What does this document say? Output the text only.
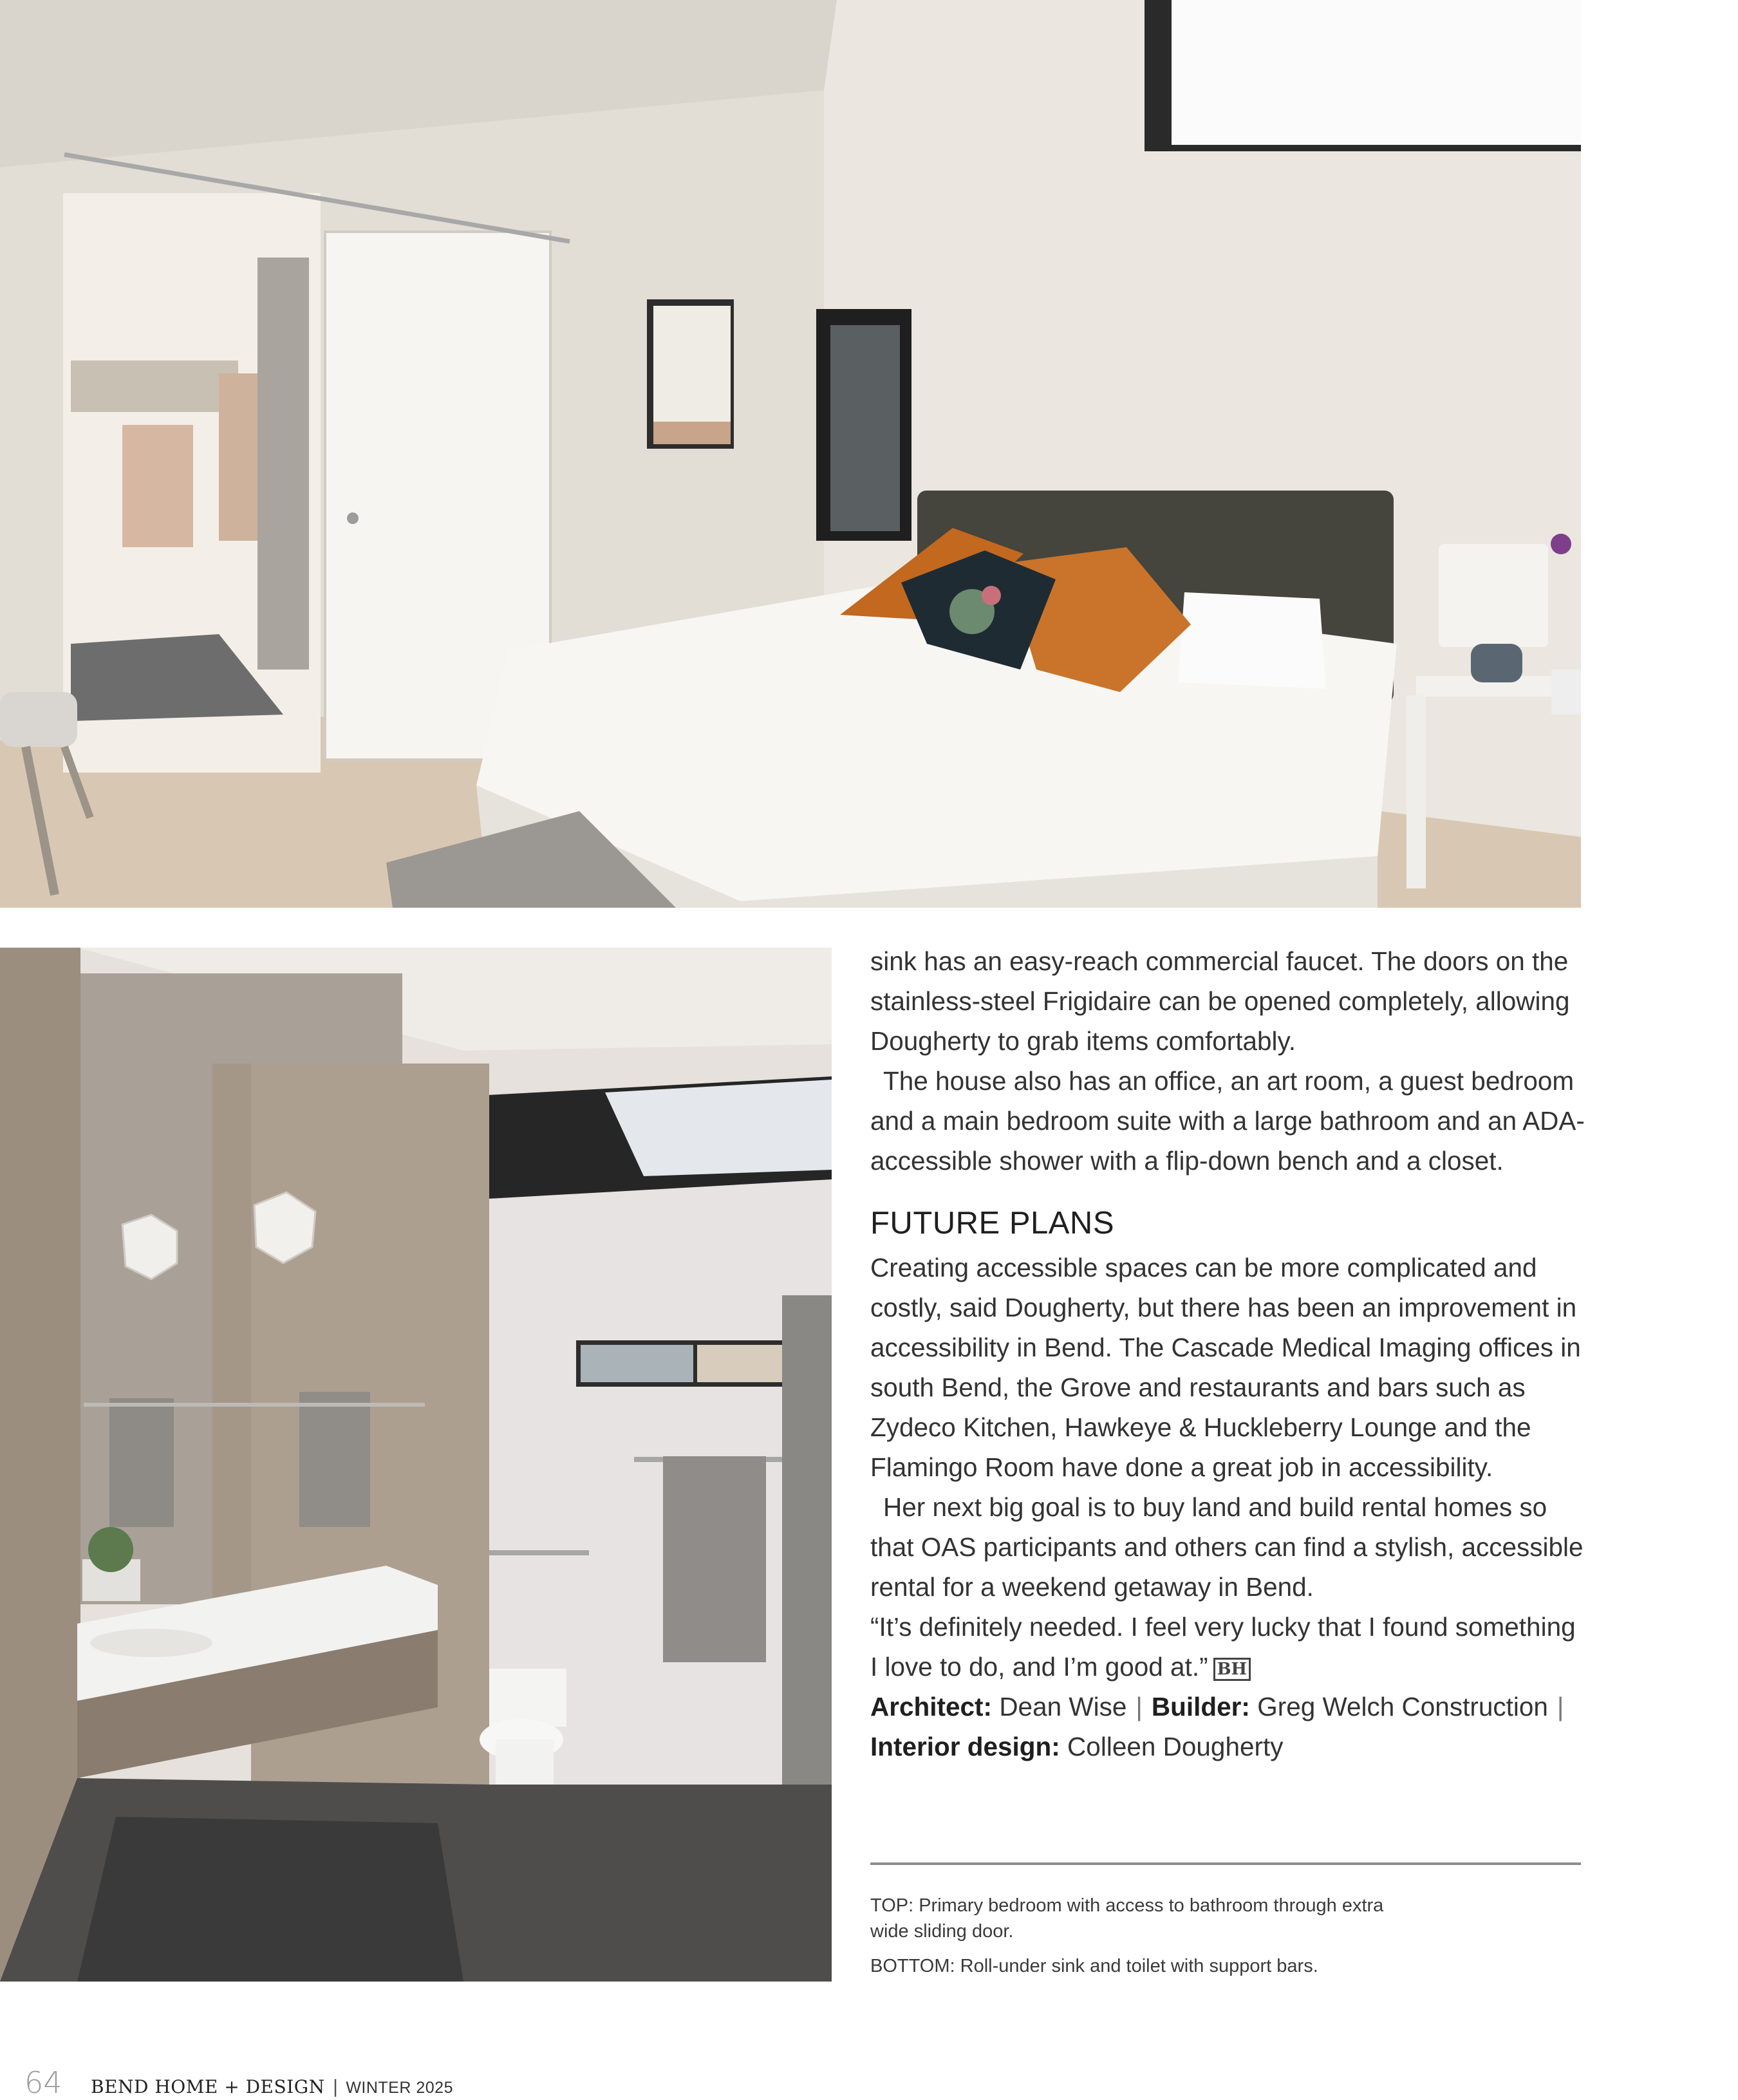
sink has an easy-reach commercial faucet. The doors on the stainless-steel Frigidaire can be opened completely, allowing Dougherty to grab items comfortably.

The house also has an office, an art room, a guest bedroom and a main bedroom suite with a large bathroom and an ADA-accessible shower with a flip-down bench and a closet.

FUTURE PLANS

Creating accessible spaces can be more complicated and costly, said Dougherty, but there has been an improvement in accessibility in Bend. The Cascade Medical Imaging offices in south Bend, the Grove and restaurants and bars such as Zydeco Kitchen, Hawkeye & Huckleberry Lounge and the Flamingo Room have done a great job in accessibility.

Her next big goal is to buy land and build rental homes so that OAS participants and others can find a stylish, accessible rental for a weekend getaway in Bend.

“It’s definitely needed. I feel very lucky that I found something I love to do, and I’m good at.” BH

Architect: Dean Wise | Builder: Greg Welch Construction |
Interior design: Colleen Dougherty

TOP: Primary bedroom with access to bathroom through extra wide sliding door.

BOTTOM: Roll-under sink and toilet with support bars.

64 BEND HOME + DESIGN | WINTER 2025
